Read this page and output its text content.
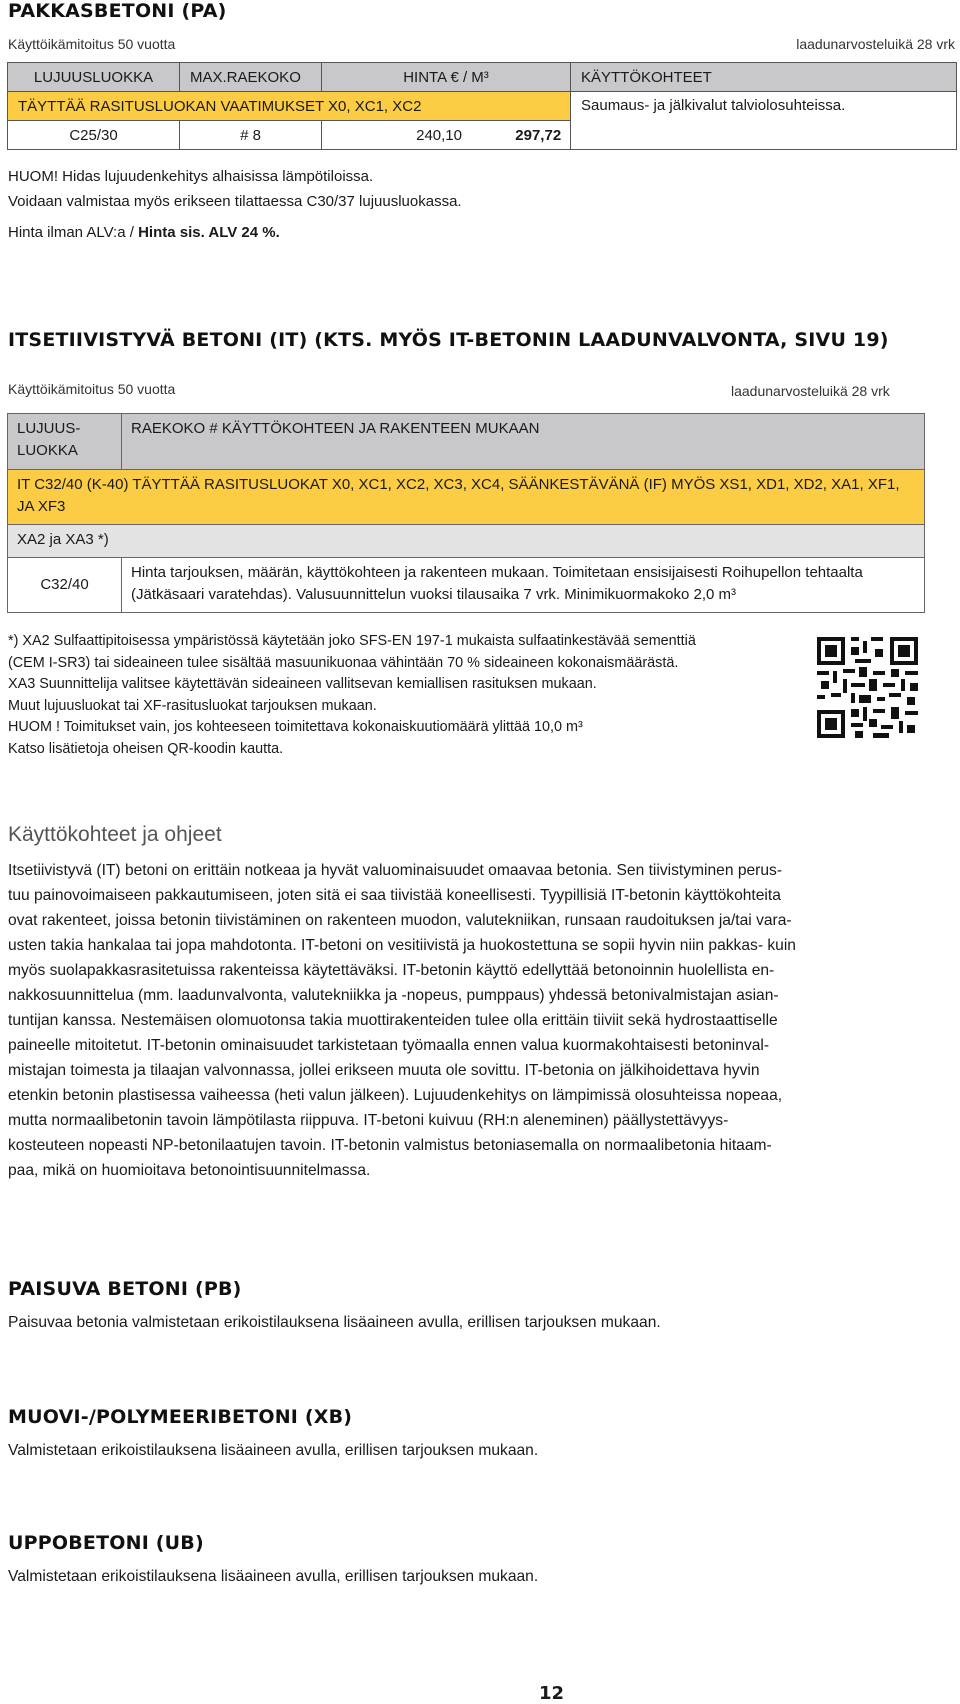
PAKKASBETONI (PA)
Käyttöikämitoitus 50 vuotta	laadunarvosteluikä 28 vrk
LUJUUSLUOKKA	MAX.RAEKOKO	HINTA € / M³	KÄYTTÖKOHTEET
TÄYTTÄÄ RASITUSLUOKAN VAATIMUKSET X0, XC1, XC2			Saumaus- ja jälkivalut talviolosuhteissa.
C25/30	# 8	240,10 297,72	
HUOM! Hidas lujuudenkehitys alhaisissa lämpötiloissa.
Voidaan valmistaa myös erikseen tilattaessa C30/37 lujuusluokassa.
Hinta ilman ALV:a / Hinta sis. ALV 24 %.
ITSETIIVISTYVÄ BETONI (IT) (KTS. MYÖS IT-BETONIN LAADUNVALVONTA, SIVU 19)
Käyttöikämitoitus 50 vuotta	laadunarvosteluikä 28 vrk
LUJUUS-
LUOKKA	RAEKOKO # KÄYTTÖKOHTEEN JA RAKENTEEN MUKAAN
IT C32/40 (K-40) TÄYTTÄÄ RASITUSLUOKAT X0, XC1, XC2, XC3, XC4, SÄÄNKESTÄVÄNÄ (IF) MYÖS XS1, XD1, XD2, XA1, XF1, JA XF3	
XA2 ja XA3 *)	
C32/40	Hinta tarjouksen, määrän, käyttökohteen ja rakenteen mukaan. Toimitetaan ensisijaisesti Roihupellon tehtaalta (Jätkäsaari varatehdas). Valusuunnittelun vuoksi tilausaika 7 vrk. Minimikuormakoko 2,0 m³
*) XA2 Sulfaattipitoisessa ympäristössä käytetään joko SFS-EN 197-1 mukaista sulfaatinkestävää sementtiä
(CEM I-SR3) tai sideaineen tulee sisältää masuunikuonaa vähintään 70 % sideaineen kokonaismäärästä.
XA3 Suunnittelija valitsee käytettävän sideaineen vallitsevan kemiallisen rasituksen mukaan.
Muut lujuusluokat tai XF-rasitusluokat tarjouksen mukaan.
HUOM ! Toimitukset vain, jos kohteeseen toimitettava kokonaiskuutiomäärä ylittää 10,0 m³
Katso lisätietoja oheisen QR-koodin kautta.
Käyttökohteet ja ohjeet
Itsetiivistyvä (IT) betoni on erittäin notkeaa ja hyvät valuominaisuudet omaavaa betonia. Sen tiivistyminen perus-
tuu painovoimaiseen pakkautumiseen, joten sitä ei saa tiivistää koneellisesti. Tyypillisiä IT-betonin käyttökohteita
ovat rakenteet, joissa betonin tiivistäminen on rakenteen muodon, valutekniikan, runsaan raudoituksen ja/tai vara-
usten takia hankalaa tai jopa mahdotonta. IT-betoni on vesitiivistä ja huokostettuna se sopii hyvin niin pakkas- kuin
myös suolapakkasrasitetuissa rakenteissa käytettäväksi. IT-betonin käyttö edellyttää betonoinnin huolellista en-
nakkosuunnittelua (mm. laadunvalvonta, valutekniikka ja -nopeus, pumppaus) yhdessä betonivalmistajan asian-
tuntijan kanssa. Nestemäisen olomuotonsa takia muottirakenteiden tulee olla erittäin tiiviit sekä hydrostaattiselle
paineelle mitoitetut. IT-betonin ominaisuudet tarkistetaan työmaalla ennen valua kuormakohtaisesti betoninval-
mistajan toimesta ja tilaajan valvonnassa, jollei erikseen muuta ole sovittu. IT-betonia on jälkihoidettava hyvin
etenkin betonin plastisessa vaiheessa (heti valun jälkeen). Lujuudenkehitys on lämpimissä olosuhteissa nopeaa,
mutta normaalibetonin tavoin lämpötilasta riippuva. IT-betoni kuivuu (RH:n aleneminen) päällystettävyys-
kosteuteen nopeasti NP-betonilaatujen tavoin. IT-betonin valmistus betoniasemalla on normaalibetonia hitaam-
paa, mikä on huomioitava betonointisuunnitelmassa.
PAISUVA BETONI (PB)
Paisuvaa betonia valmistetaan erikoistilauksena lisäaineen avulla, erillisen tarjouksen mukaan.
MUOVI-/POLYMEERIBETONI (XB)
Valmistetaan erikoistilauksena lisäaineen avulla, erillisen tarjouksen mukaan.
UPPOBETONI (UB)
Valmistetaan erikoistilauksena lisäaineen avulla, erillisen tarjouksen mukaan.
12
